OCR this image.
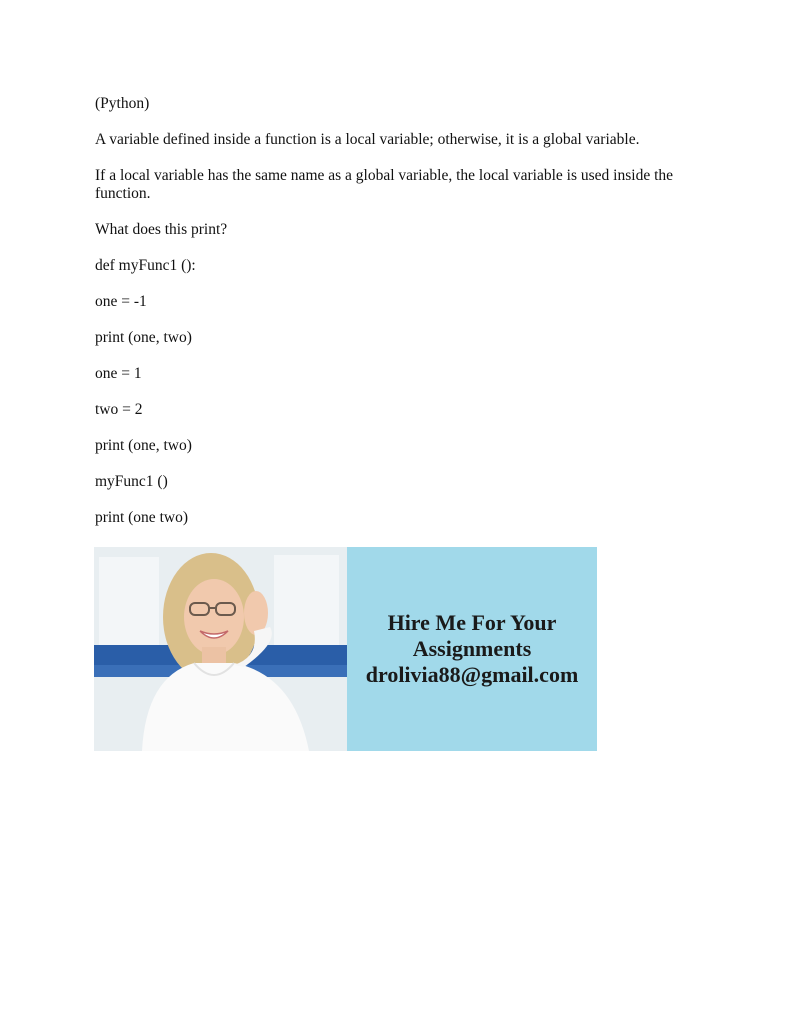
(Python)

A variable defined inside a function is a local variable; otherwise, it is a global variable.

If a local variable has the same name as a global variable, the local variable is used inside the function.

What does this print?

def myFunc1 ():

one = -1

print (one, two)

one = 1

two = 2

print (one, two)

myFunc1 ()

print (one two)

Hire Me For Your
Assignments
drolivia88@gmail.com
